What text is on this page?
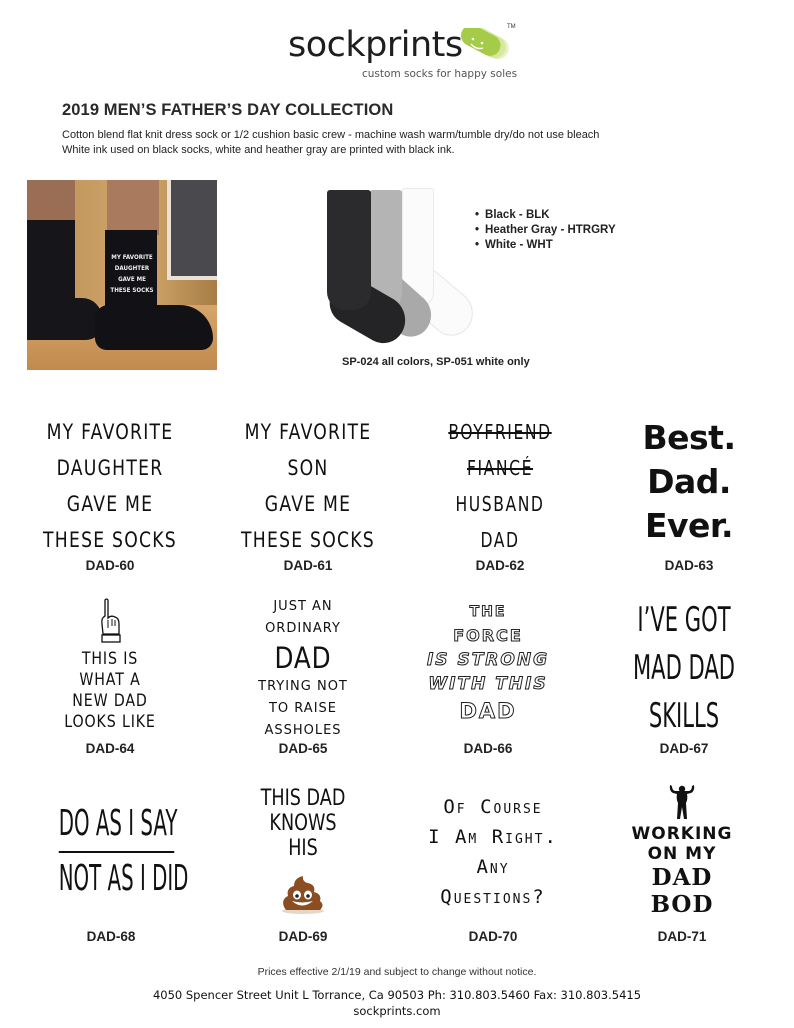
sockprints	TM
custom socks for happy soles
2019 MEN’S FATHER’S DAY COLLECTION
Cotton blend flat knit dress sock or 1/2 cushion basic crew - machine wash warm/tumble dry/do not use bleach
White ink used on black socks, white and heather gray are printed with black ink.
MY FAVORITE
DAUGHTER
GAVE ME
THESE SOCKS
• Black - BLK
• Heather Gray - HTRGRY
• White - WHT
SP-024 all colors, SP-051 white only
MY FAVORITE
DAUGHTER
GAVE ME
THESE SOCKS
DAD-60
MY FAVORITE
SON
GAVE ME
THESE SOCKS
DAD-61
BOYFRIEND
FIANCÉ
HUSBAND
DAD
DAD-62
Best.
Dad.
Ever.
DAD-63
THIS IS
WHAT A
NEW DAD
LOOKS LIKE
DAD-64
JUST AN
ORDINARY
DAD
TRYING NOT
TO RAISE
ASSHOLES
DAD-65
THE
FORCE
IS STRONG
WITH THIS
DAD
DAD-66
I’VE GOT
MAD DAD
SKILLS
DAD-67
DO AS I SAY
NOT AS I DID
DAD-68
THIS DAD
KNOWS
HIS
DAD-69
Of Course
I Am Right.
Any
Questions?
DAD-70
WORKING
ON MY
DAD
BOD
DAD-71
Prices effective 2/1/19 and subject to change without notice.
4050 Spencer Street Unit L Torrance, Ca 90503 Ph: 310.803.5460 Fax: 310.803.5415
sockprints.com
